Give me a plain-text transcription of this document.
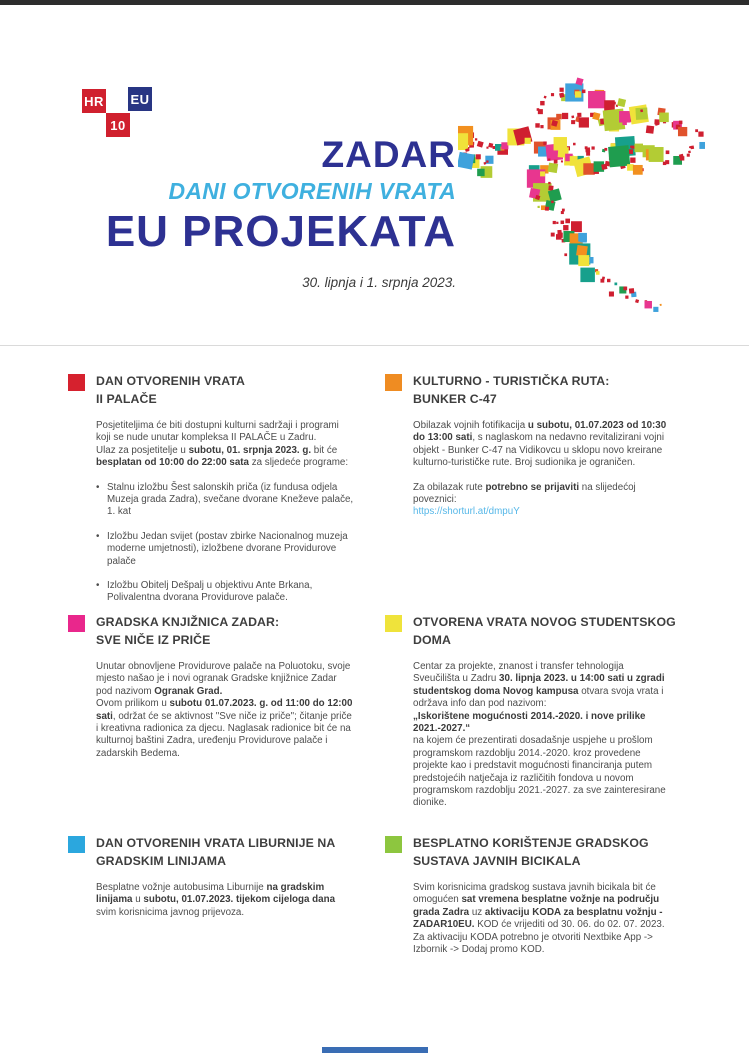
HR EU
10
ZADAR
DANI OTVORENIH VRATA
EU PROJEKATA
30. lipnja i 1. srpnja 2023.
DAN OTVORENIH VRATA
II PALAČE

Posjetiteljima će biti dostupni kulturni sadržaji i programi koji se nude unutar kompleksa II PALAČE u Zadru.

Ulaz za posjetitelje u subotu, 01. srpnja 2023. g. bit će besplatan od 10:00 do 22:00 sata za sljedeće programe:

• Stalnu izložbu Šest salonskih priča (iz fundusa odjela Muzeja grada Zadra), svečane dvorane Kneževe palače, 1. kat
• Izložbu Jedan svijet (postav zbirke Nacionalnog muzeja moderne umjetnosti), izložbene dvorane Providurove palače
• Izložbu Obitelj Dešpalj u objektivu Ante Brkana, Polivalentna dvorana Providurove palače.
KULTURNO - TURISTIČKA RUTA:
BUNKER C-47

Obilazak vojnih fotifikacija u subotu, 01.07.2023 od 10:30 do 13:00 sati, s naglaskom na nedavno revitalizirani vojni objekt - Bunker C-47 na Vidikovcu u sklopu novo kreirane kulturno-turističke rute. Broj sudionika je ograničen.

Za obilazak rute potrebno se prijaviti na slijedećoj poveznici:

https://shorturl.at/dmpuY

GRADSKA KNJIŽNICA ZADAR:
SVE NIČE IZ PRIČE

Unutar obnovljene Providurove palače na Poluotoku, svoje mjesto našao je i novi ogranak Gradske knjižnice Zadar pod nazivom Ogranak Grad.

Ovom prilikom u subotu 01.07.2023. g. od 11:00 do 12:00 sati, održat će se aktivnost "Sve niče iz priče"; čitanje priče i kreativna radionica za djecu. Naglasak radionice bit će na kulturnoj baštini Zadra, uređenju Providurove palače i zadarskih Bedema.

OTVORENA VRATA NOVOG STUDENTSKOG
DOMA

Centar za projekte, znanost i transfer tehnologija Sveučilišta u Zadru 30. lipnja 2023. u 14:00 sati u zgradi studentskog doma Novog kampusa otvara svoja vrata i održava info dan pod nazivom:

„Iskorištene mogućnosti 2014.-2020. i nove prilike 2021.-2027.“

na kojem će prezentirati dosadašnje uspjehe u prošlom programskom razdoblju 2014.-2020. kroz provedene projekte kao i predstavit mogućnosti financiranja putem predstojećih natječaja iz različitih fondova u novom programskom razdoblju 2021.-2027. za sve zainteresirane dionike.

DAN OTVORENIH VRATA LIBURNIJE NA
GRADSKIM LINIJAMA

Besplatne vožnje autobusima Liburnije na gradskim linijama u subotu, 01.07.2023. tijekom cijeloga dana svim korisnicima javnog prijevoza.

BESPLATNO KORIŠTENJE GRADSKOG
SUSTAVA JAVNIH BICIKALA

Svim korisnicima gradskog sustava javnih bicikala bit će omogućen sat vremena besplatne vožnje na području grada Zadra uz aktivaciju KODA za besplatnu vožnju - ZADAR10EU. KOD će vrijediti od 30. 06. do 02. 07. 2023. Za aktivaciju KODA potrebno je otvoriti Nextbike App -> Izbornik -> Dodaj promo KOD.
